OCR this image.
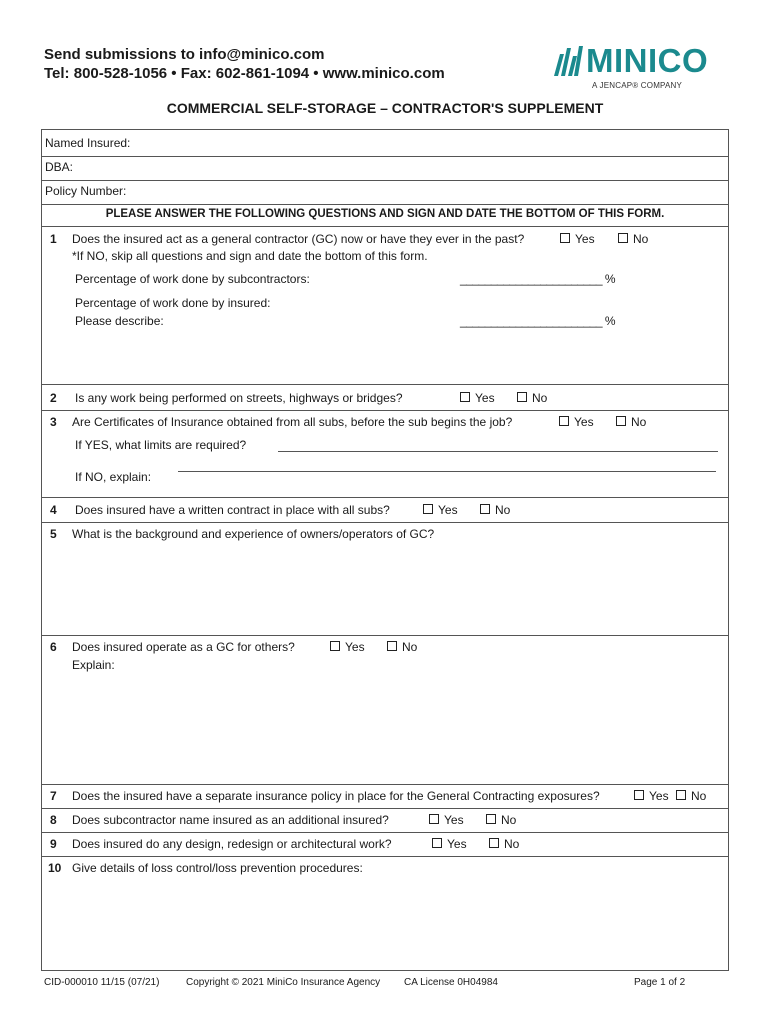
Send submissions to info@minico.com
Tel: 800-528-1056 • Fax: 602-861-1094 • www.minico.com	MINICO
A JENCAP® COMPANY
COMMERCIAL SELF-STORAGE – CONTRACTOR'S SUPPLEMENT
Named Insured:
DBA:
Policy Number:
PLEASE ANSWER THE FOLLOWING QUESTIONS AND SIGN AND DATE THE BOTTOM OF THIS FORM.
1 Does the insured act as a general contractor (GC) now or have they ever in the past?	Yes	No
*If NO, skip all questions and sign and date the bottom of this form.
Percentage of work done by subcontractors:	_______________________ %
Percentage of work done by insured:
Please describe:	_______________________ %
2 Is any work being performed on streets, highways or bridges?	Yes	No
3 Are Certificates of Insurance obtained from all subs, before the sub begins the job?	Yes	No
If YES, what limits are required?
If NO, explain:
4 Does insured have a written contract in place with all subs?	Yes	No
5 What is the background and experience of owners/operators of GC?
6 Does insured operate as a GC for others?	Yes	No
Explain:
7 Does the insured have a separate insurance policy in place for the General Contracting exposures?	Yes	No
8 Does subcontractor name insured as an additional insured?	Yes	No
9 Does insured do any design, redesign or architectural work?	Yes	No
10 Give details of loss control/loss prevention procedures:
CID-000010 11/15 (07/21)	Copyright © 2021 MiniCo Insurance Agency CA License 0H04984	Page 1 of 2
